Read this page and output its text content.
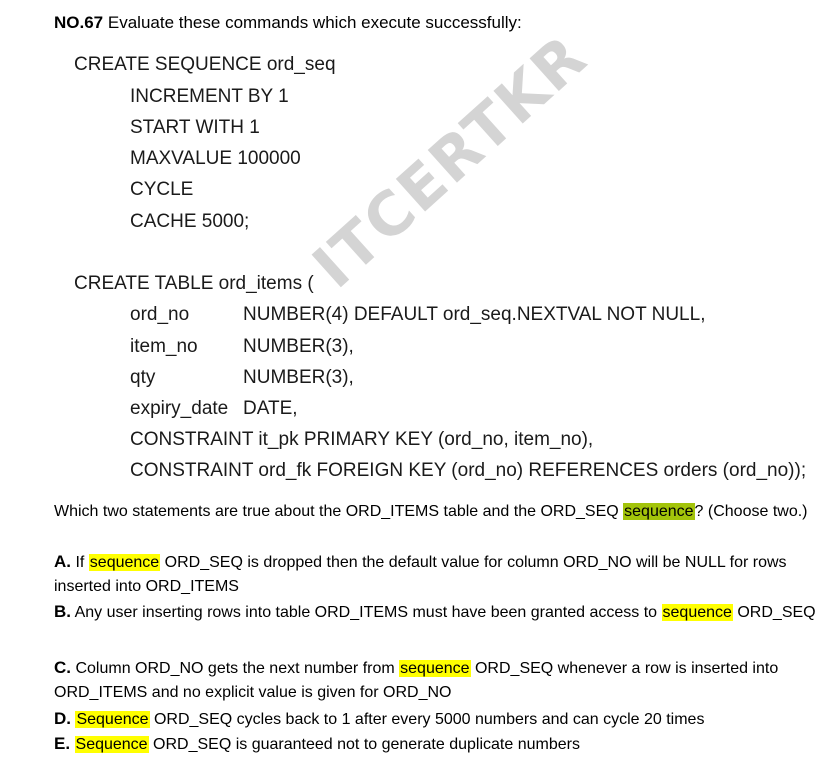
ITCERTKR
NO.67 Evaluate these commands which execute successfully:
CREATE SEQUENCE ord_seq
INCREMENT BY 1
START WITH 1
MAXVALUE 100000
CYCLE
CACHE 5000;
CREATE TABLE ord_items (
ord_no	NUMBER(4) DEFAULT ord_seq.NEXTVAL NOT NULL,
item_no NUMBER(3),
qty	NUMBER(3),
expiry_date DATE,
CONSTRAINT it_pk PRIMARY KEY (ord_no, item_no),
CONSTRAINT ord_fk FOREIGN KEY (ord_no) REFERENCES orders (ord_no));
Which two statements are true about the ORD_ITEMS table and the ORD_SEQ sequence? (Choose two.)
A. If sequence ORD_SEQ is dropped then the default value for column ORD_NO will be NULL for rows inserted into ORD_ITEMS
B. Any user inserting rows into table ORD_ITEMS must have been granted access to sequence ORD_SEQ
C. Column ORD_NO gets the next number from sequence ORD_SEQ whenever a row is inserted into ORD_ITEMS and no explicit value is given for ORD_NO
D. Sequence ORD_SEQ cycles back to 1 after every 5000 numbers and can cycle 20 times
E. Sequence ORD_SEQ is guaranteed not to generate duplicate numbers
